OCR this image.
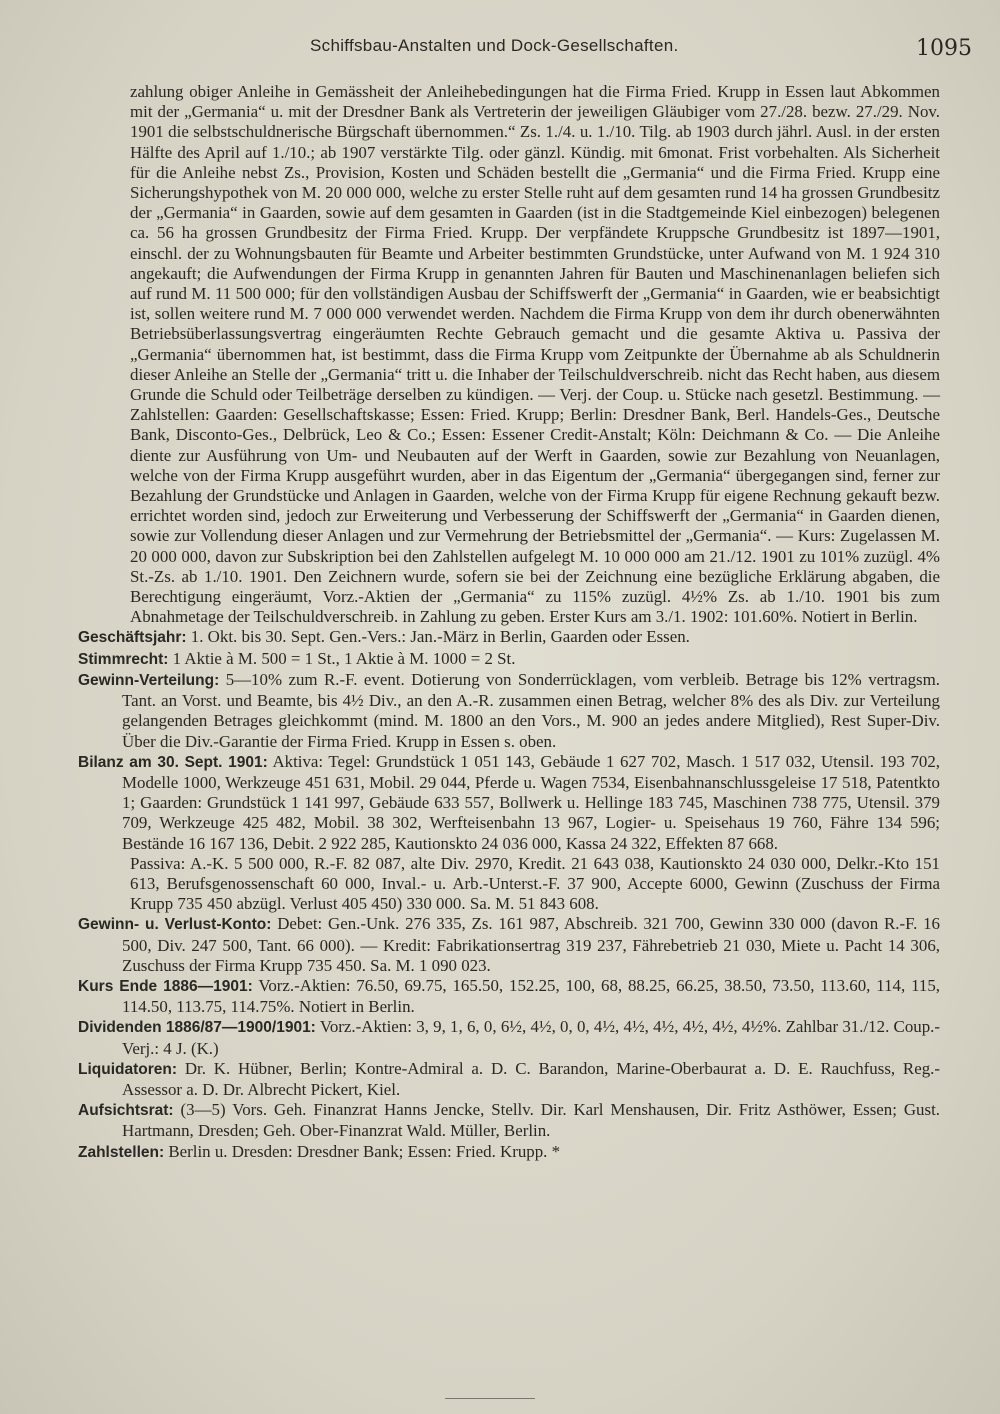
Schiffsbau-Anstalten und Dock-Gesellschaften.	1095
zahlung obiger Anleihe in Gemässheit der Anleihebedingungen hat die Firma Fried. Krupp in Essen laut Abkommen mit der „Germania“ u. mit der Dresdner Bank als Vertreterin der jeweiligen Gläubiger vom 27./28. bezw. 27./29. Nov. 1901 die selbstschuldnerische Bürgschaft übernommen.“ Zs. 1./4. u. 1./10. Tilg. ab 1903 durch jährl. Ausl. in der ersten Hälfte des April auf 1./10.; ab 1907 verstärkte Tilg. oder gänzl. Kündig. mit 6monat. Frist vorbehalten. Als Sicherheit für die Anleihe nebst Zs., Provision, Kosten und Schäden bestellt die „Germania“ und die Firma Fried. Krupp eine Sicherungshypothek von M. 20 000 000, welche zu erster Stelle ruht auf dem gesamten rund 14 ha grossen Grundbesitz der „Germania“ in Gaarden, sowie auf dem gesamten in Gaarden (ist in die Stadtgemeinde Kiel einbezogen) belegenen ca. 56 ha grossen Grundbesitz der Firma Fried. Krupp. Der verpfändete Kruppsche Grundbesitz ist 1897—1901, einschl. der zu Wohnungsbauten für Beamte und Arbeiter bestimmten Grundstücke, unter Aufwand von M. 1 924 310 angekauft; die Aufwendungen der Firma Krupp in genannten Jahren für Bauten und Maschinenanlagen beliefen sich auf rund M. 11 500 000; für den vollständigen Ausbau der Schiffswerft der „Germania“ in Gaarden, wie er beabsichtigt ist, sollen weitere rund M. 7 000 000 verwendet werden. Nachdem die Firma Krupp von dem ihr durch obenerwähnten Betriebsüberlassungsvertrag eingeräumten Rechte Gebrauch gemacht und die gesamte Aktiva u. Passiva der „Germania“ übernommen hat, ist bestimmt, dass die Firma Krupp vom Zeitpunkte der Übernahme ab als Schuldnerin dieser Anleihe an Stelle der „Germania“ tritt u. die Inhaber der Teilschuldverschreib. nicht das Recht haben, aus diesem Grunde die Schuld oder Teilbeträge derselben zu kündigen. — Verj. der Coup. u. Stücke nach gesetzl. Bestimmung. — Zahlstellen: Gaarden: Gesellschaftskasse; Essen: Fried. Krupp; Berlin: Dresdner Bank, Berl. Handels-Ges., Deutsche Bank, Disconto-Ges., Delbrück, Leo & Co.; Essen: Essener Credit-Anstalt; Köln: Deichmann & Co. — Die Anleihe diente zur Ausführung von Um- und Neubauten auf der Werft in Gaarden, sowie zur Bezahlung von Neuanlagen, welche von der Firma Krupp ausgeführt wurden, aber in das Eigentum der „Germania“ übergegangen sind, ferner zur Bezahlung der Grundstücke und Anlagen in Gaarden, welche von der Firma Krupp für eigene Rechnung gekauft bezw. errichtet worden sind, jedoch zur Erweiterung und Verbesserung der Schiffswerft der „Germania“ in Gaarden dienen, sowie zur Vollendung dieser Anlagen und zur Vermehrung der Betriebsmittel der „Germania“. — Kurs: Zugelassen M. 20 000 000, davon zur Subskription bei den Zahlstellen aufgelegt M. 10 000 000 am 21./12. 1901 zu 101% zuzügl. 4% St.-Zs. ab 1./10. 1901. Den Zeichnern wurde, sofern sie bei der Zeichnung eine bezügliche Erklärung abgaben, die Berechtigung eingeräumt, Vorz.-Aktien der „Germania“ zu 115% zuzügl. 4½% Zs. ab 1./10. 1901 bis zum Abnahmetage der Teilschuldverschreib. in Zahlung zu geben. Erster Kurs am 3./1. 1902: 101.60%. Notiert in Berlin.
Geschäftsjahr: 1. Okt. bis 30. Sept. Gen.-Vers.: Jan.-März in Berlin, Gaarden oder Essen.
Stimmrecht: 1 Aktie à M. 500 = 1 St., 1 Aktie à M. 1000 = 2 St.
Gewinn-Verteilung: 5—10% zum R.-F. event. Dotierung von Sonderrücklagen, vom verbleib. Betrage bis 12% vertragsm. Tant. an Vorst. und Beamte, bis 4½ Div., an den A.-R. zusammen einen Betrag, welcher 8% des als Div. zur Verteilung gelangenden Betrages gleichkommt (mind. M. 1800 an den Vors., M. 900 an jedes andere Mitglied), Rest Super-Div. Über die Div.-Garantie der Firma Fried. Krupp in Essen s. oben.
Bilanz am 30. Sept. 1901: Aktiva: Tegel: Grundstück 1 051 143, Gebäude 1 627 702, Masch. 1 517 032, Utensil. 193 702, Modelle 1000, Werkzeuge 451 631, Mobil. 29 044, Pferde u. Wagen 7534, Eisenbahnanschlussgeleise 17 518, Patentkto 1; Gaarden: Grundstück 1 141 997, Gebäude 633 557, Bollwerk u. Hellinge 183 745, Maschinen 738 775, Utensil. 379 709, Werkzeuge 425 482, Mobil. 38 302, Werfteisenbahn 13 967, Logier- u. Speisehaus 19 760, Fähre 134 596; Bestände 16 167 136, Debit. 2 922 285, Kautionskto 24 036 000, Kassa 24 322, Effekten 87 668.
Passiva: A.-K. 5 500 000, R.-F. 82 087, alte Div. 2970, Kredit. 21 643 038, Kautionskto 24 030 000, Delkr.-Kto 151 613, Berufsgenossenschaft 60 000, Inval.- u. Arb.-Unterst.-F. 37 900, Accepte 6000, Gewinn (Zuschuss der Firma Krupp 735 450 abzügl. Verlust 405 450) 330 000. Sa. M. 51 843 608.
Gewinn- u. Verlust-Konto: Debet: Gen.-Unk. 276 335, Zs. 161 987, Abschreib. 321 700, Gewinn 330 000 (davon R.-F. 16 500, Div. 247 500, Tant. 66 000). — Kredit: Fabrikationsertrag 319 237, Fährebetrieb 21 030, Miete u. Pacht 14 306, Zuschuss der Firma Krupp 735 450. Sa. M. 1 090 023.
Kurs Ende 1886—1901: Vorz.-Aktien: 76.50, 69.75, 165.50, 152.25, 100, 68, 88.25, 66.25, 38.50, 73.50, 113.60, 114, 115, 114.50, 113.75, 114.75%. Notiert in Berlin.
Dividenden 1886/87—1900/1901: Vorz.-Aktien: 3, 9, 1, 6, 0, 6½, 4½, 0, 0, 4½, 4½, 4½, 4½, 4½, 4½%. Zahlbar 31./12. Coup.-Verj.: 4 J. (K.)
Liquidatoren: Dr. K. Hübner, Berlin; Kontre-Admiral a. D. C. Barandon, Marine-Oberbaurat a. D. E. Rauchfuss, Reg.-Assessor a. D. Dr. Albrecht Pickert, Kiel.
Aufsichtsrat: (3—5) Vors. Geh. Finanzrat Hanns Jencke, Stellv. Dir. Karl Menshausen, Dir. Fritz Asthöwer, Essen; Gust. Hartmann, Dresden; Geh. Ober-Finanzrat Wald. Müller, Berlin.
Zahlstellen: Berlin u. Dresden: Dresdner Bank; Essen: Fried. Krupp. *
